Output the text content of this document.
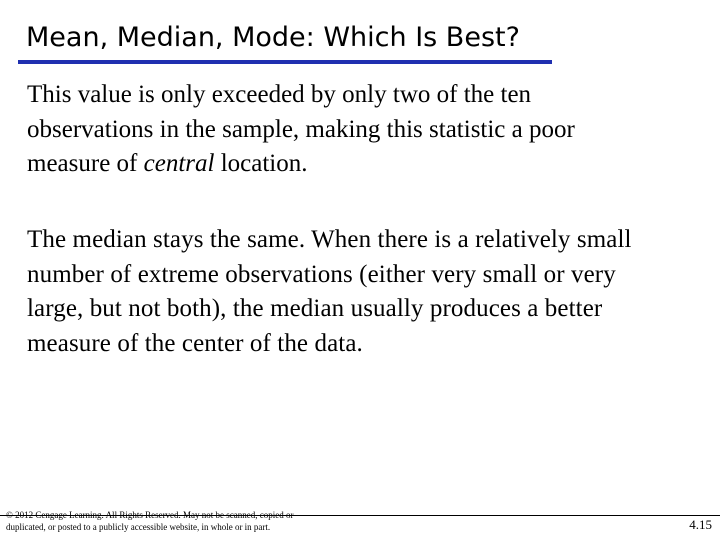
Mean, Median, Mode: Which Is Best?
This value is only exceeded by only two of the ten
observations in the sample, making this statistic a poor
measure of central location.
The median stays the same. When there is a relatively small
number of extreme observations (either very small or very
large, but not both), the median usually produces a better
measure of the center of the data.
© 2012 Cengage Learning. All Rights Reserved. May not be scanned, copied or
duplicated, or posted to a publicly accessible website, in whole or in part.	4.15
